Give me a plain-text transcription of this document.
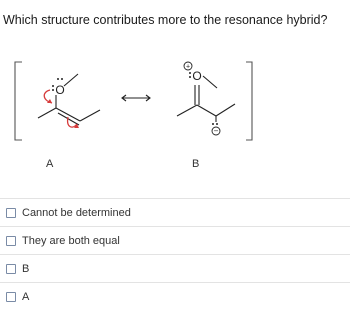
Which structure contributes more to the resonance hybrid?
O
O
+
−
A	B
Cannot be determined
They are both equal
B
A
